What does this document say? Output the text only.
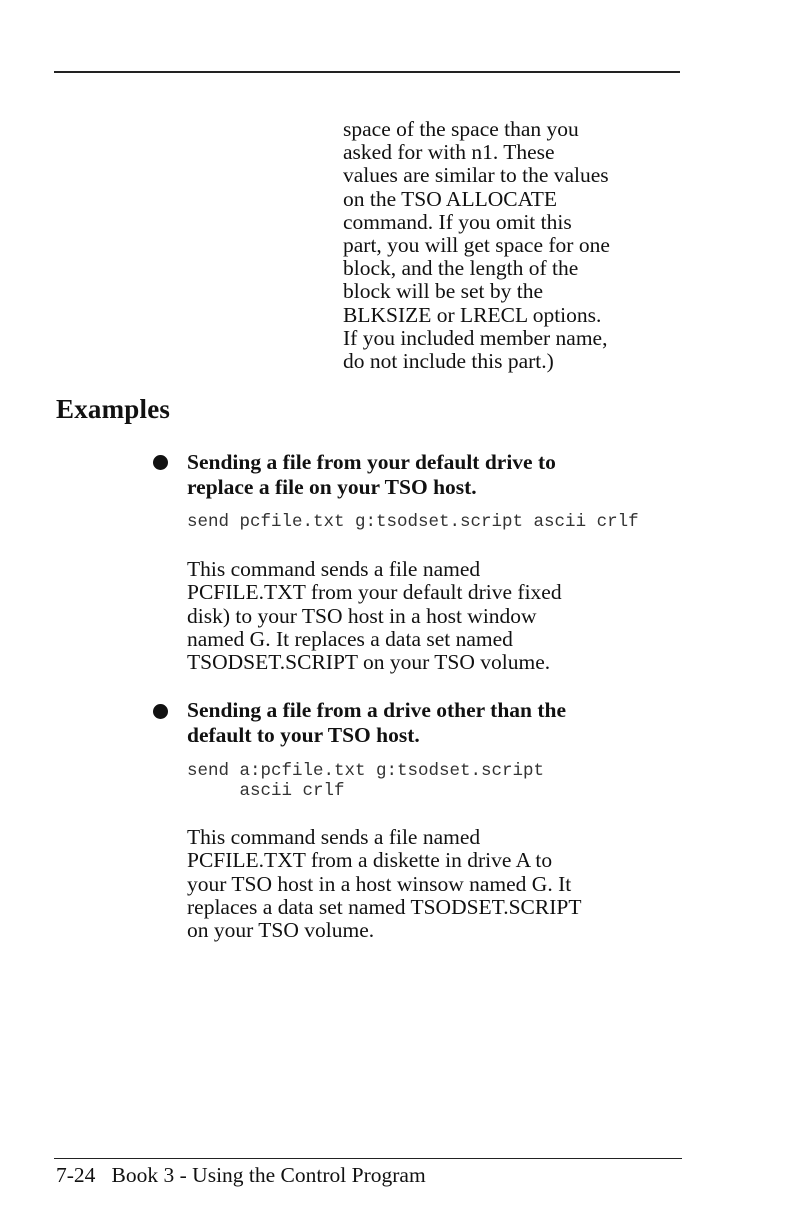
space of the space than you
asked for with n1. These
values are similar to the values
on the TSO ALLOCATE
command. If you omit this
part, you will get space for one
block, and the length of the
block will be set by the
BLKSIZE or LRECL options.
If you included member name,
do not include this part.)

Examples

Sending a file from your default drive to
replace a file on your TSO host.

send pcfile.txt g:tsodset.script ascii crlf

This command sends a file named
PCFILE.TXT from your default drive fixed
disk) to your TSO host in a host window
named G. It replaces a data set named
TSODSET.SCRIPT on your TSO volume.

Sending a file from a drive other than the
default to your TSO host.

send a:pcfile.txt g:tsodset.script
ascii crlf

This command sends a file named
PCFILE.TXT from a diskette in drive A to
your TSO host in a host winsow named G. It
replaces a data set named TSODSET.SCRIPT
on your TSO volume.

7-24 Book 3 - Using the Control Program
